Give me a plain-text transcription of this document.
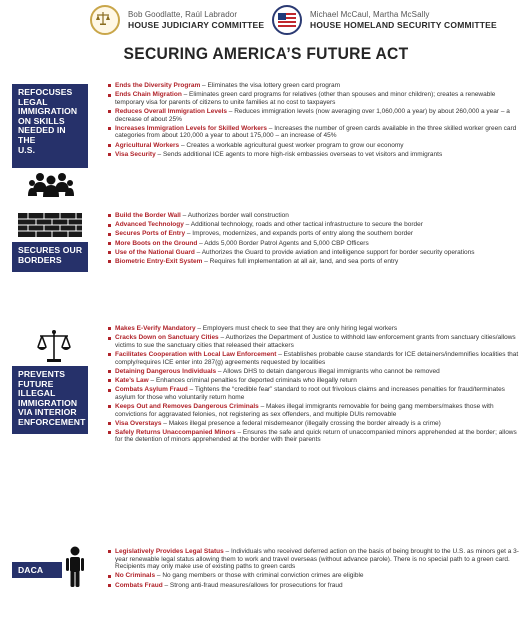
Bob Goodlatte, Raúl Labrador
HOUSE JUDICIARY COMMITTEE
Michael McCaul, Martha McSally
HOUSE HOMELAND SECURITY COMMITTEE
SECURING AMERICA’S FUTURE ACT
REFOCUSES
LEGAL
IMMIGRATION
ON SKILLS
NEEDED IN THE
U.S.
Ends the Diversity Program – Eliminates the visa lottery green card program
Ends Chain Migration – Eliminates green card programs for relatives (other than spouses and minor children); creates a renewable temporary visa for parents of citizens to unite families at no cost to taxpayers
Reduces Overall Immigration Levels – Reduces immigration levels (now averaging over 1,060,000 a year) by about 260,000 a year – a decrease of about 25%
Increases Immigration Levels for Skilled Workers – Increases the number of green cards available in the three skilled worker green card categories from about 120,000 a year to about 175,000 – an increase of 45%
Agricultural Workers – Creates a workable agricultural guest worker program to grow our economy
Visa Security – Sends additional ICE agents to more high-risk embassies overseas to vet visitors and immigrants
SECURES OUR
BORDERS
Build the Border Wall – Authorizes border wall construction
Advanced Technology – Additional technology, roads and other tactical infrastructure to secure the border
Secures Ports of Entry – Improves, modernizes, and expands ports of entry along the southern border
More Boots on the Ground – Adds 5,000 Border Patrol Agents and 5,000 CBP Officers
Use of the National Guard – Authorizes the Guard to provide aviation and intelligence support for border security operations
Biometric Entry-Exit System – Requires full implementation at all air, land, and sea ports of entry
PREVENTS
FUTURE
ILLEGAL
IMMIGRATION
VIA INTERIOR
ENFORCEMENT
Makes E-Verify Mandatory – Employers must check to see that they are only hiring legal workers
Cracks Down on Sanctuary Cities – Authorizes the Department of Justice to withhold law enforcement grants from sanctuary cities/allows victims to sue the sanctuary cities that released their attackers
Facilitates Cooperation with Local Law Enforcement – Establishes probable cause standards for ICE detainers/indemnifies localities that comply/requires ICE enter into 287(g) agreements requested by localities
Detaining Dangerous Individuals – Allows DHS to detain dangerous illegal immigrants who cannot be removed
Kate’s Law – Enhances criminal penalties for deported criminals who illegally return
Combats Asylum Fraud – Tightens the “credible fear” standard to root out frivolous claims and increases penalties for fraud/terminates asylum for those who voluntarily return home
Keeps Out and Removes Dangerous Criminals – Makes illegal immigrants removable for being gang members/makes those with convictions for aggravated felonies, not registering as sex offenders, and multiple DUIs removable
Visa Overstays – Makes illegal presence a federal misdemeanor (illegally crossing the border already is a crime)
Safely Returns Unaccompanied Minors – Ensures the safe and quick return of unaccompanied minors apprehended at the border; allows for the detention of minors apprehended at the border with their parents
DACA
Legislatively Provides Legal Status – Individuals who received deferred action on the basis of being brought to the U.S. as minors get a 3-year renewable legal status allowing them to work and travel overseas (without advance parole). There is no special path to a green card. Recipients may only make use of existing paths to green cards
No Criminals – No gang members or those with criminal conviction crimes are eligible
Combats Fraud – Strong anti-fraud measures/allows for prosecutions for fraud
